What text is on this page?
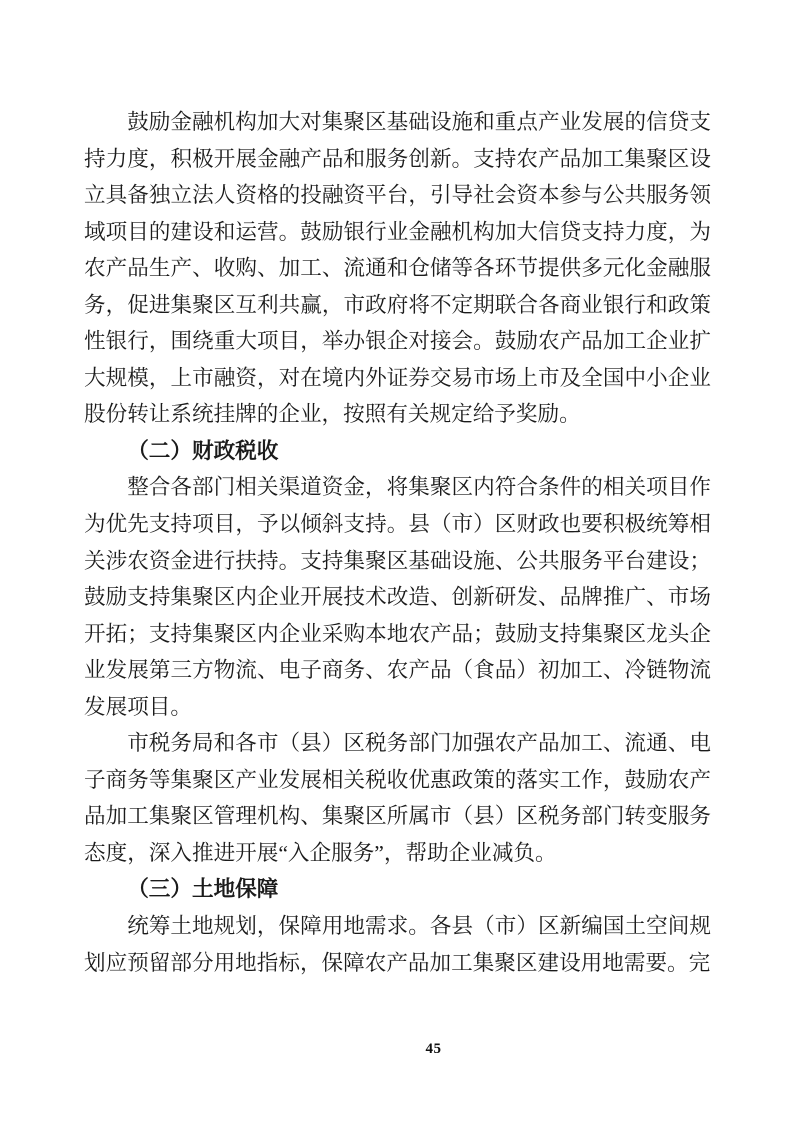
鼓励金融机构加大对集聚区基础设施和重点产业发展的信贷支持力度，积极开展金融产品和服务创新。支持农产品加工集聚区设立具备独立法人资格的投融资平台，引导社会资本参与公共服务领域项目的建设和运营。鼓励银行业金融机构加大信贷支持力度，为农产品生产、收购、加工、流通和仓储等各环节提供多元化金融服务，促进集聚区互利共赢，市政府将不定期联合各商业银行和政策性银行，围绕重大项目，举办银企对接会。鼓励农产品加工企业扩大规模，上市融资，对在境内外证券交易市场上市及全国中小企业股份转让系统挂牌的企业，按照有关规定给予奖励。
（二）财政税收
整合各部门相关渠道资金，将集聚区内符合条件的相关项目作为优先支持项目，予以倾斜支持。县（市）区财政也要积极统筹相关涉农资金进行扶持。支持集聚区基础设施、公共服务平台建设；鼓励支持集聚区内企业开展技术改造、创新研发、品牌推广、市场开拓；支持集聚区内企业采购本地农产品；鼓励支持集聚区龙头企业发展第三方物流、电子商务、农产品（食品）初加工、冷链物流发展项目。
市税务局和各市（县）区税务部门加强农产品加工、流通、电子商务等集聚区产业发展相关税收优惠政策的落实工作，鼓励农产品加工集聚区管理机构、集聚区所属市（县）区税务部门转变服务态度，深入推进开展“入企服务”，帮助企业减负。
（三）土地保障
统筹土地规划，保障用地需求。各县（市）区新编国土空间规划应预留部分用地指标，保障农产品加工集聚区建设用地需要。完
45
